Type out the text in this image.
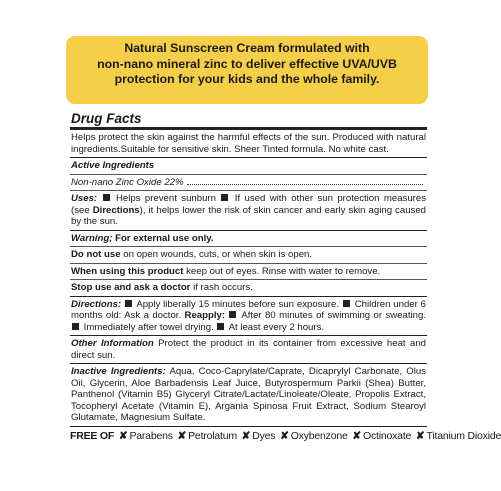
Natural Sunscreen Cream formulated with
non-nano mineral zinc to deliver effective UVA/UVB
protection for your kids and the whole family.
Drug Facts
Helps protect the skin against the harmful effects of the sun. Produced with natural ingredients.Suitable for sensitive skin. Sheer Tinted formula. No white cast.
Active Ingredients
Non-nano Zinc Oxide 22%
Uses: Helps prevent sunburn If used with other sun protection measures (see Directions), it helps lower the risk of skin cancer and early skin aging caused by the sun.
Warning; For external use only.
Do not use on open wounds, cuts, or when skin is open.
When using this product keep out of eyes. Rinse with water to remove.
Stop use and ask a doctor if rash occurs.
Directions: Apply liberally 15 minutes before sun exposure. Children under 6 months old: Ask a doctor. Reapply: After 80 minutes of swimming or sweating.  Immediately after towel drying. At least every 2 hours.
Other Information Protect the product in its container from excessive heat and direct sun.
Inactive Ingredients: Aqua, Coco-Caprylate/Caprate, Dicaprylyl Carbonate, Olus Oil, Glycerin, Aloe Barbadensis Leaf Juice, Butyrospermum Parkii (Shea) Butter, Panthenol (Vitamin B5) Glyceryl Citrate/Lactate/Linoleate/Oleate, Propolis Extract, Tocopheryl Acetate (Vitamin E), Argania Spinosa Fruit Extract, Sodium Stearoyl Glutamate, Magnesium Sulfate.
FREE OF ✘ Parabens ✘ Petrolatum ✘ Dyes ✘ Oxybenzone ✘ Octinoxate ✘ Titanium Dioxide
